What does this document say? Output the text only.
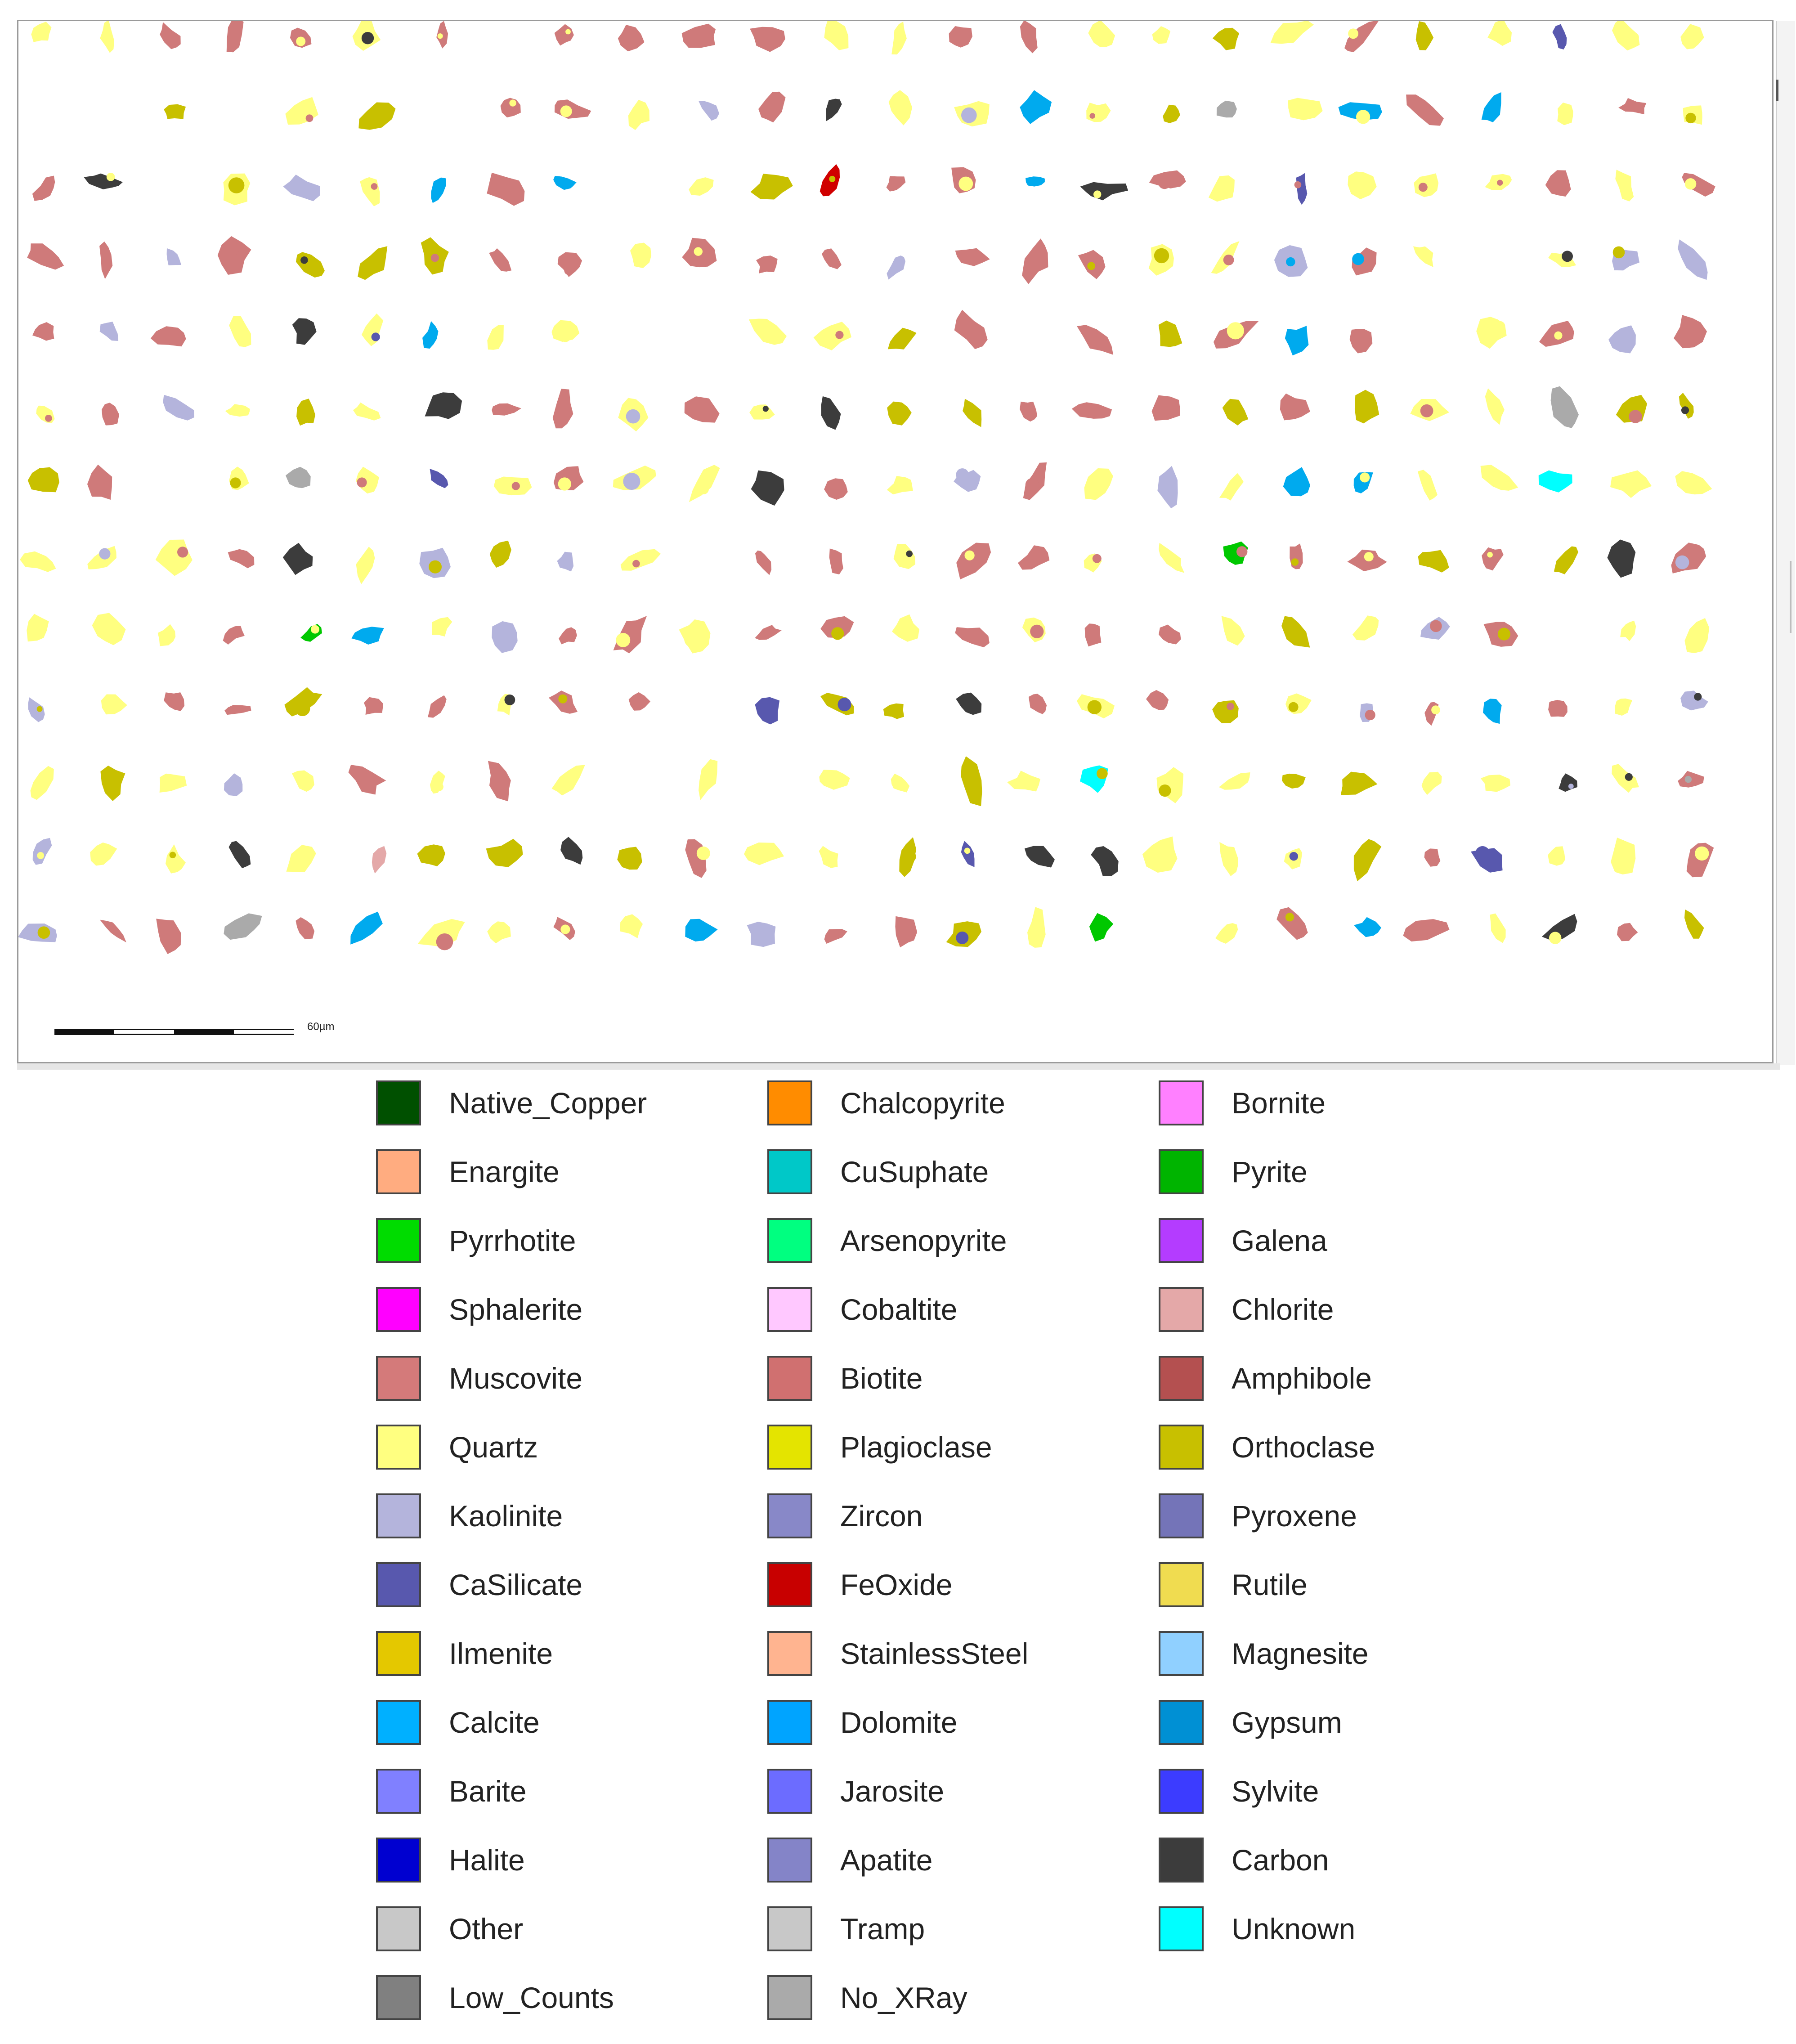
60µm
Native_Copper
Enargite
Pyrrhotite
Sphalerite
Muscovite
Quartz
Kaolinite
CaSilicate
Ilmenite
Calcite
Barite
Halite
Other
Low_Counts
Chalcopyrite
CuSuphate
Arsenopyrite
Cobaltite
Biotite
Plagioclase
Zircon
FeOxide
StainlessSteel
Dolomite
Jarosite
Apatite
Tramp
No_XRay
Bornite
Pyrite
Galena
Chlorite
Amphibole
Orthoclase
Pyroxene
Rutile
Magnesite
Gypsum
Sylvite
Carbon
Unknown
